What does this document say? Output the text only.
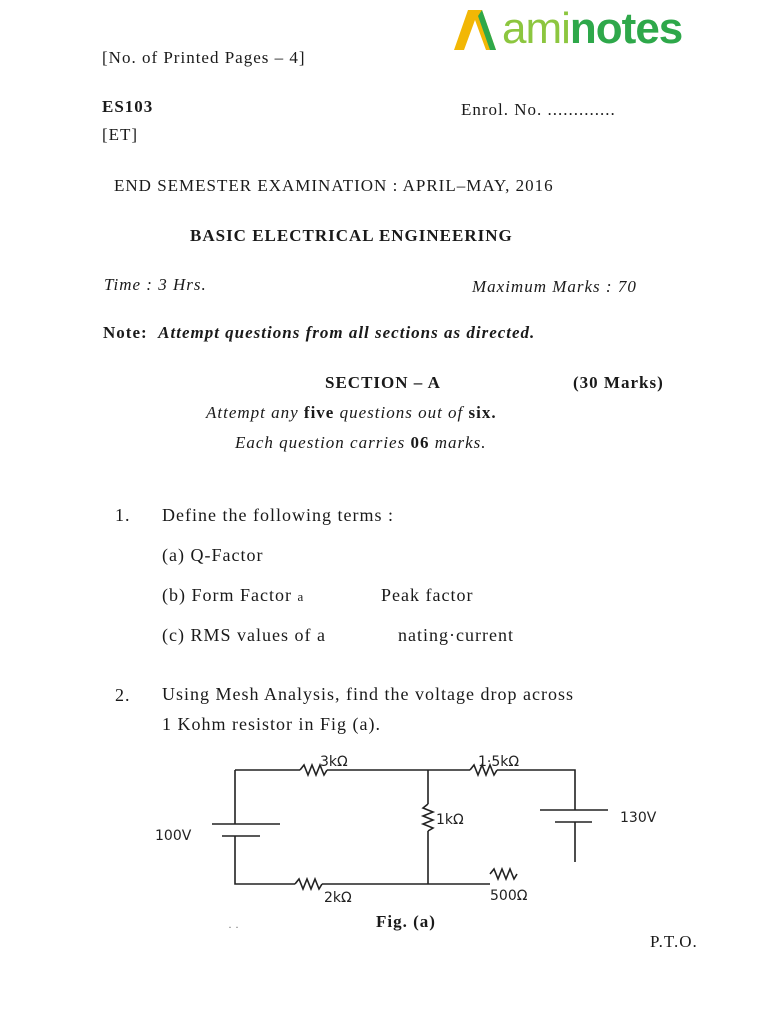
aminotes
[No. of Printed Pages – 4]
ES103
[ET]
Enrol. No. .............
END SEMESTER EXAMINATION : APRIL–MAY, 2016
BASIC ELECTRICAL ENGINEERING
Time : 3 Hrs.	Maximum Marks : 70
Note: Attempt questions from all sections as directed.
SECTION – A	(30 Marks)
Attempt any five questions out of six.
Each question carries 06 marks.
1. Define the following terms :
(a) Q-Factor
(b) Form Factor a	Peak factor
(c) RMS values of a	nating·current
2. Using Mesh Analysis, find the voltage drop across
1 Kohm resistor in Fig (a).
3kΩ	1·5kΩ
1kΩ
2kΩ	500Ω
100V
130V
· ·	Fig. (a)
P.T.O.
